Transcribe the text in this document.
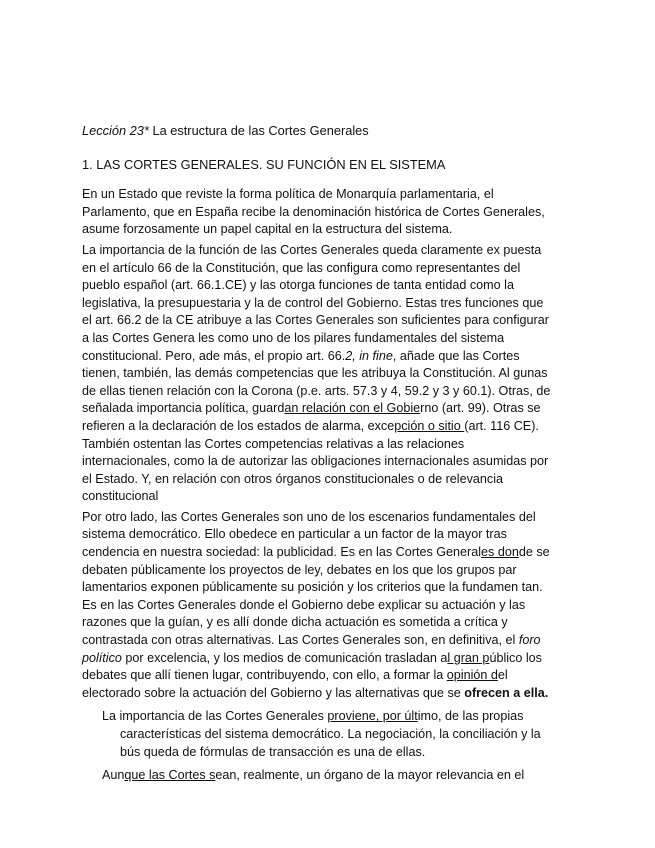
Lección 23* La estructura de las Cortes Generales
1. LAS CORTES GENERALES. SU FUNCIÓN EN EL SISTEMA

En un Estado que reviste la forma política de Monarquía parlamentaria, el Parlamento, que en España recibe la denominación histórica de Cortes Generales, asume forzosamente un papel capital en la estructura del sistema.

La importancia de la función de las Cortes Generales queda claramente ex puesta en el artículo 66 de la Constitución, que las configura como representantes del pueblo español (art. 66.1.CE) y las otorga funciones de tanta entidad como la legislativa, la presupuestaria y la de control del Gobierno. Estas tres funciones que el art. 66.2 de la CE atribuye a las Cortes Generales son suficientes para configurar a las Cortes Genera les como uno de los pilares fundamentales del sistema constitucional. Pero, ade más, el propio art. 66.2, in fine, añade que las Cortes tienen, también, las demás competencias que les atribuya la Constitución. Al gunas de ellas tienen relación con la Corona (p.e. arts. 57.3 y 4, 59.2 y 3 y 60.1). Otras, de señalada importancia política, guardan relación con el Gobierno (art. 99). Otras se refieren a la declaración de los estados de alarma, excepción o sitio (art. 116 CE). También ostentan las Cortes competencias relativas a las relaciones internacionales, como la de autorizar las obligaciones internacionales asumidas por el Estado. Y, en relación con otros órganos constitucionales o de relevancia constitucional

Por otro lado, las Cortes Generales son uno de los escenarios fundamentales del sistema democrático. Ello obedece en particular a un factor de la mayor tras cendencia en nuestra sociedad: la publicidad. Es en las Cortes Generales donde se debaten públicamente los proyectos de ley, debates en los que los grupos par lamentarios exponen públicamente su posición y los criterios que la fundamen tan. Es en las Cortes Generales donde el Gobierno debe explicar su actuación y las razones que la guían, y es allí donde dicha actuación es sometida a crítica y contrastada con otras alternativas. Las Cortes Generales son, en definitiva, el foro político por excelencia, y los medios de comunicación trasladan al gran público los debates que allí tienen lugar, contribuyendo, con ello, a formar la opinión del electorado sobre la actuación del Gobierno y las alternativas que se ofrecen a ella.

La importancia de las Cortes Generales proviene, por último, de las propias características del sistema democrático. La negociación, la conciliación y la bús queda de fórmulas de transacción es una de ellas.

Aunque las Cortes sean, realmente, un órgano de la mayor relevancia en el
